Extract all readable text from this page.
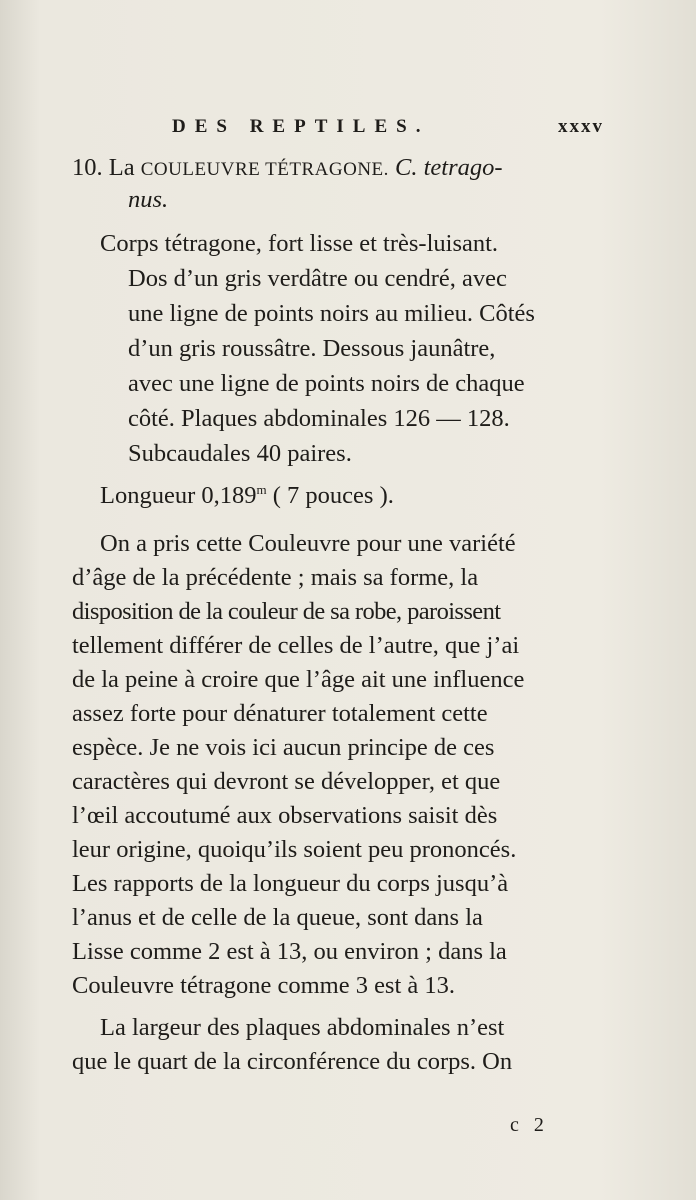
DES REPTILES.	xxxv
10. La COULEUVRE TÉTRAGONE. C. tetrago-
nus.
Corps tétragone, fort lisse et très-luisant.
Dos d’un gris verdâtre ou cendré, avec
une ligne de points noirs au milieu. Côtés
d’un gris roussâtre. Dessous jaunâtre,
avec une ligne de points noirs de chaque
côté. Plaques abdominales 126 — 128.
Subcaudales 40 paires.
Longueur 0,189$^m$ ( 7 pouces ).
On a pris cette Couleuvre pour une variété
d’âge de la précédente ; mais sa forme, la
disposition de la couleur de sa robe, paroissent
tellement différer de celles de l’autre, que j’ai
de la peine à croire que l’âge ait une influence
assez forte pour dénaturer totalement cette
espèce. Je ne vois ici aucun principe de ces
caractères qui devront se développer, et que
l’œil accoutumé aux observations saisit dès
leur origine, quoiqu’ils soient peu prononcés.
Les rapports de la longueur du corps jusqu’à
l’anus et de celle de la queue, sont dans la
Lisse comme 2 est à 13, ou environ ; dans la
Couleuvre tétragone comme 3 est à 13.
La largeur des plaques abdominales n’est
que le quart de la circonférence du corps. On
c 2
